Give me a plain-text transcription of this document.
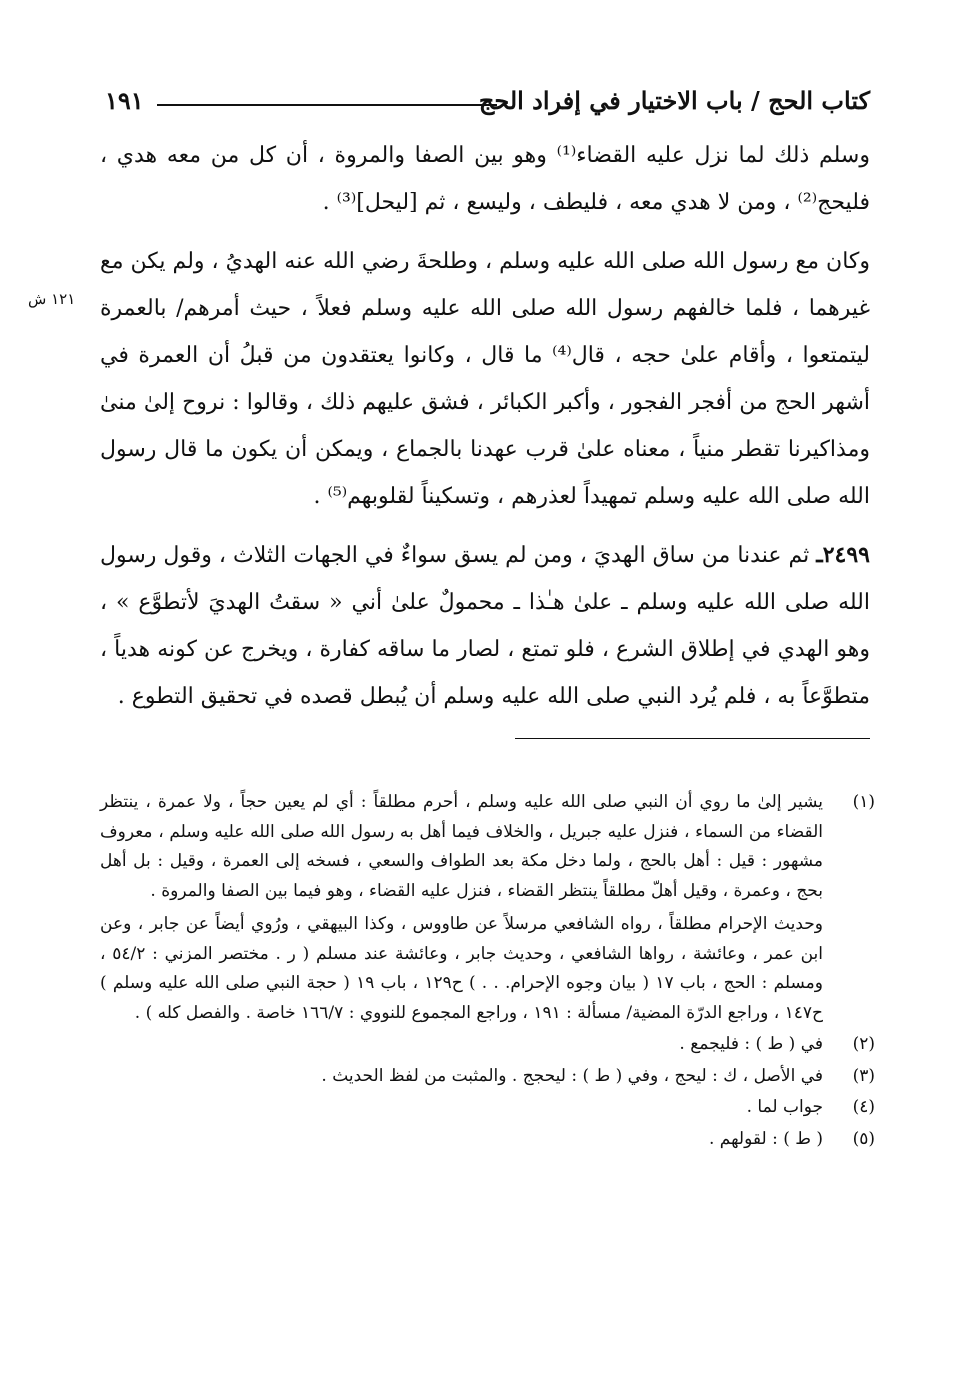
كتاب الحج / باب الاختيار في إفراد الحج
١٩١
١٢١ ش

وسلم ذلك لما نزل عليه القضاء⁽¹⁾ وهو بين الصفا والمروة ، أن كل من معه هدي ، فليحج⁽²⁾ ، ومن لا هدي معه ، فليطف ، وليسع ، ثم [ليحل]⁽³⁾ .

وكان مع رسول الله صلى الله عليه وسلم ، وطلحةَ رضي الله عنه الهديُ ، ولم يكن مع غيرهما ، فلما خالفهم رسول الله صلى الله عليه وسلم فعلاً ، حيث أمرهم/ بالعمرة ليتمتعوا ، وأقام علىٰ حجه ، قال⁽⁴⁾ ما قال ، وكانوا يعتقدون من قبلُ أن العمرة في أشهر الحج من أفجر الفجور ، وأكبر الكبائر ، فشق عليهم ذلك ، وقالوا : نروح إلىٰ منىٰ ومذاكيرنا تقطر منياً ، معناه علىٰ قرب عهدنا بالجماع ، ويمكن أن يكون ما قال رسول الله صلى الله عليه وسلم تمهيداً لعذرهم ، وتسكيناً لقلوبهم⁽⁵⁾ .

٢٤٩٩ـ ثم عندنا من ساق الهديَ ، ومن لم يسق سواءٌ في الجهات الثلاث ، وقول رسول الله صلى الله عليه وسلم ـ علىٰ هـٰذا ـ محمولٌ علىٰ أني « سقتُ الهديَ لأتطوَّع » ، وهو الهدي في إطلاق الشرع ، فلو تمتع ، لصار ما ساقه كفارة ، ويخرج عن كونه هدياً ، متطوَّعاً به ، فلم يُرد النبي صلى الله عليه وسلم أن يُبطل قصده في تحقيق التطوع .

(١)
يشير إلىٰ ما روي أن النبي صلى الله عليه وسلم ، أحرم مطلقاً : أي لم يعين حجاً ، ولا عمرة ، ينتظر القضاء من السماء ، فنزل عليه جبريل ، والخلاف فيما أهل به رسول الله صلى الله عليه وسلم ، معروف مشهور : قيل : أهل بالحج ، ولما دخل مكة بعد الطواف والسعي ، فسخه إلى العمرة ، وقيل : بل أهل بحج ، وعمرة ، وقيل أهلّ مطلقاً ينتظر القضاء ، فنزل عليه القضاء ، وهو فيما بين الصفا والمروة .
وحديث الإحرام مطلقاً ، رواه الشافعي مرسلاً عن طاووس ، وكذا البيهقي ، ورُوي أيضاً عن جابر ، وعن ابن عمر ، وعائشة ، رواها الشافعي ، وحديث جابر ، وعائشة عند مسلم ( ر . مختصر المزني : ٥٤/٢ ، ومسلم : الحج ، باب ١٧ ( بيان وجوه الإحرام. . . ) ح١٢٩ ، باب ١٩ ( حجة النبي صلى الله عليه وسلم ) ح١٤٧ ، وراجع الدرّة المضية/ مسألة : ١٩١ ، وراجع المجموع للنووي : ١٦٦/٧ خاصة . والفصل كله ) .
(٢)
في ( ط ) : فليجمع .
(٣)
في الأصل ، ك : ليحج ، وفي ( ط ) : ليحجج . والمثبت من لفظ الحديث .
(٤)
جواب لما .
(٥)
( ط ) : لقولهم .
